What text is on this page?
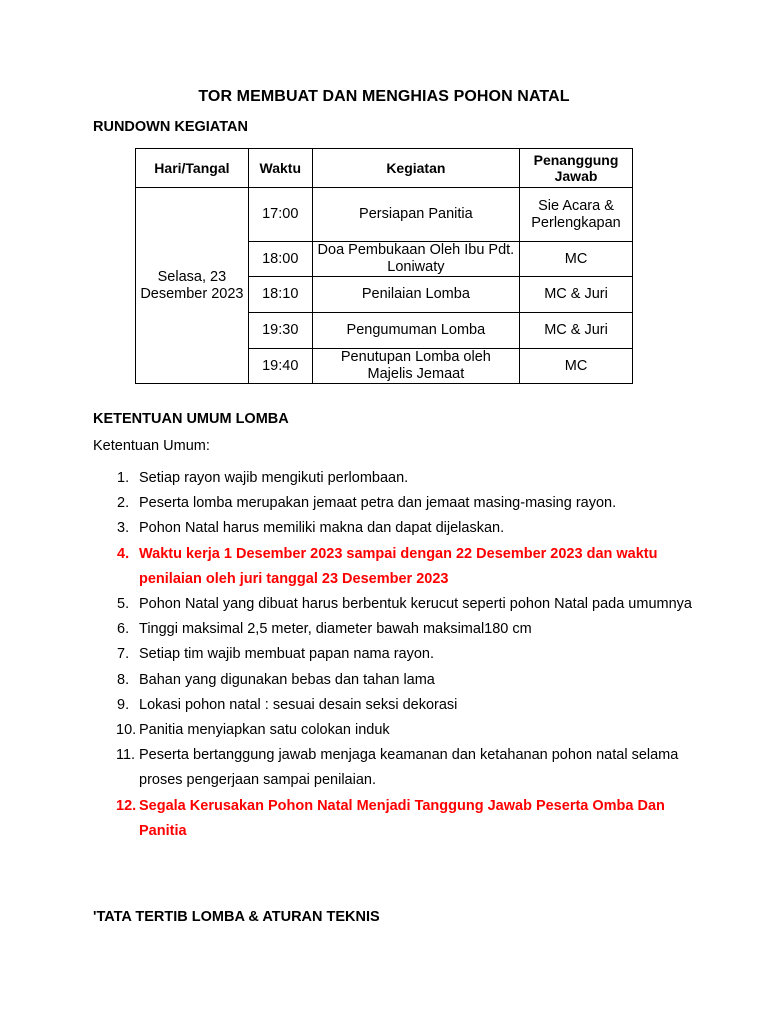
TOR MEMBUAT DAN MENGHIAS POHON NATAL
RUNDOWN KEGIATAN
Hari/Tangal	Waktu	Kegiatan	Penanggung Jawab
Selasa, 23 Desember 2023	17:00	Persiapan Panitia	Sie Acara & Perlengkapan
	18:00	Doa Pembukaan Oleh Ibu Pdt. Loniwaty	MC
	18:10	Penilaian Lomba	MC & Juri
	19:30	Pengumuman Lomba	MC & Juri
	19:40	Penutupan Lomba oleh Majelis Jemaat	MC
KETENTUAN UMUM LOMBA
Ketentuan Umum:
1. Setiap rayon wajib mengikuti perlombaan.
2. Peserta lomba merupakan jemaat petra dan jemaat masing-masing rayon.
3. Pohon Natal harus memiliki makna dan dapat dijelaskan.
4. Waktu kerja 1 Desember 2023 sampai dengan 22 Desember 2023 dan waktu penilaian oleh juri tanggal 23 Desember 2023
5. Pohon Natal yang dibuat harus berbentuk kerucut seperti pohon Natal pada umumnya
6. Tinggi maksimal 2,5 meter, diameter bawah maksimal180 cm
7. Setiap tim wajib membuat papan nama rayon.
8. Bahan yang digunakan bebas dan tahan lama
9. Lokasi pohon natal : sesuai desain seksi dekorasi
10. Panitia menyiapkan satu colokan induk
11. Peserta bertanggung jawab menjaga keamanan dan ketahanan pohon natal selama proses pengerjaan sampai penilaian.
12. Segala Kerusakan Pohon Natal Menjadi Tanggung Jawab Peserta Omba Dan Panitia
'TATA TERTIB LOMBA & ATURAN TEKNIS
